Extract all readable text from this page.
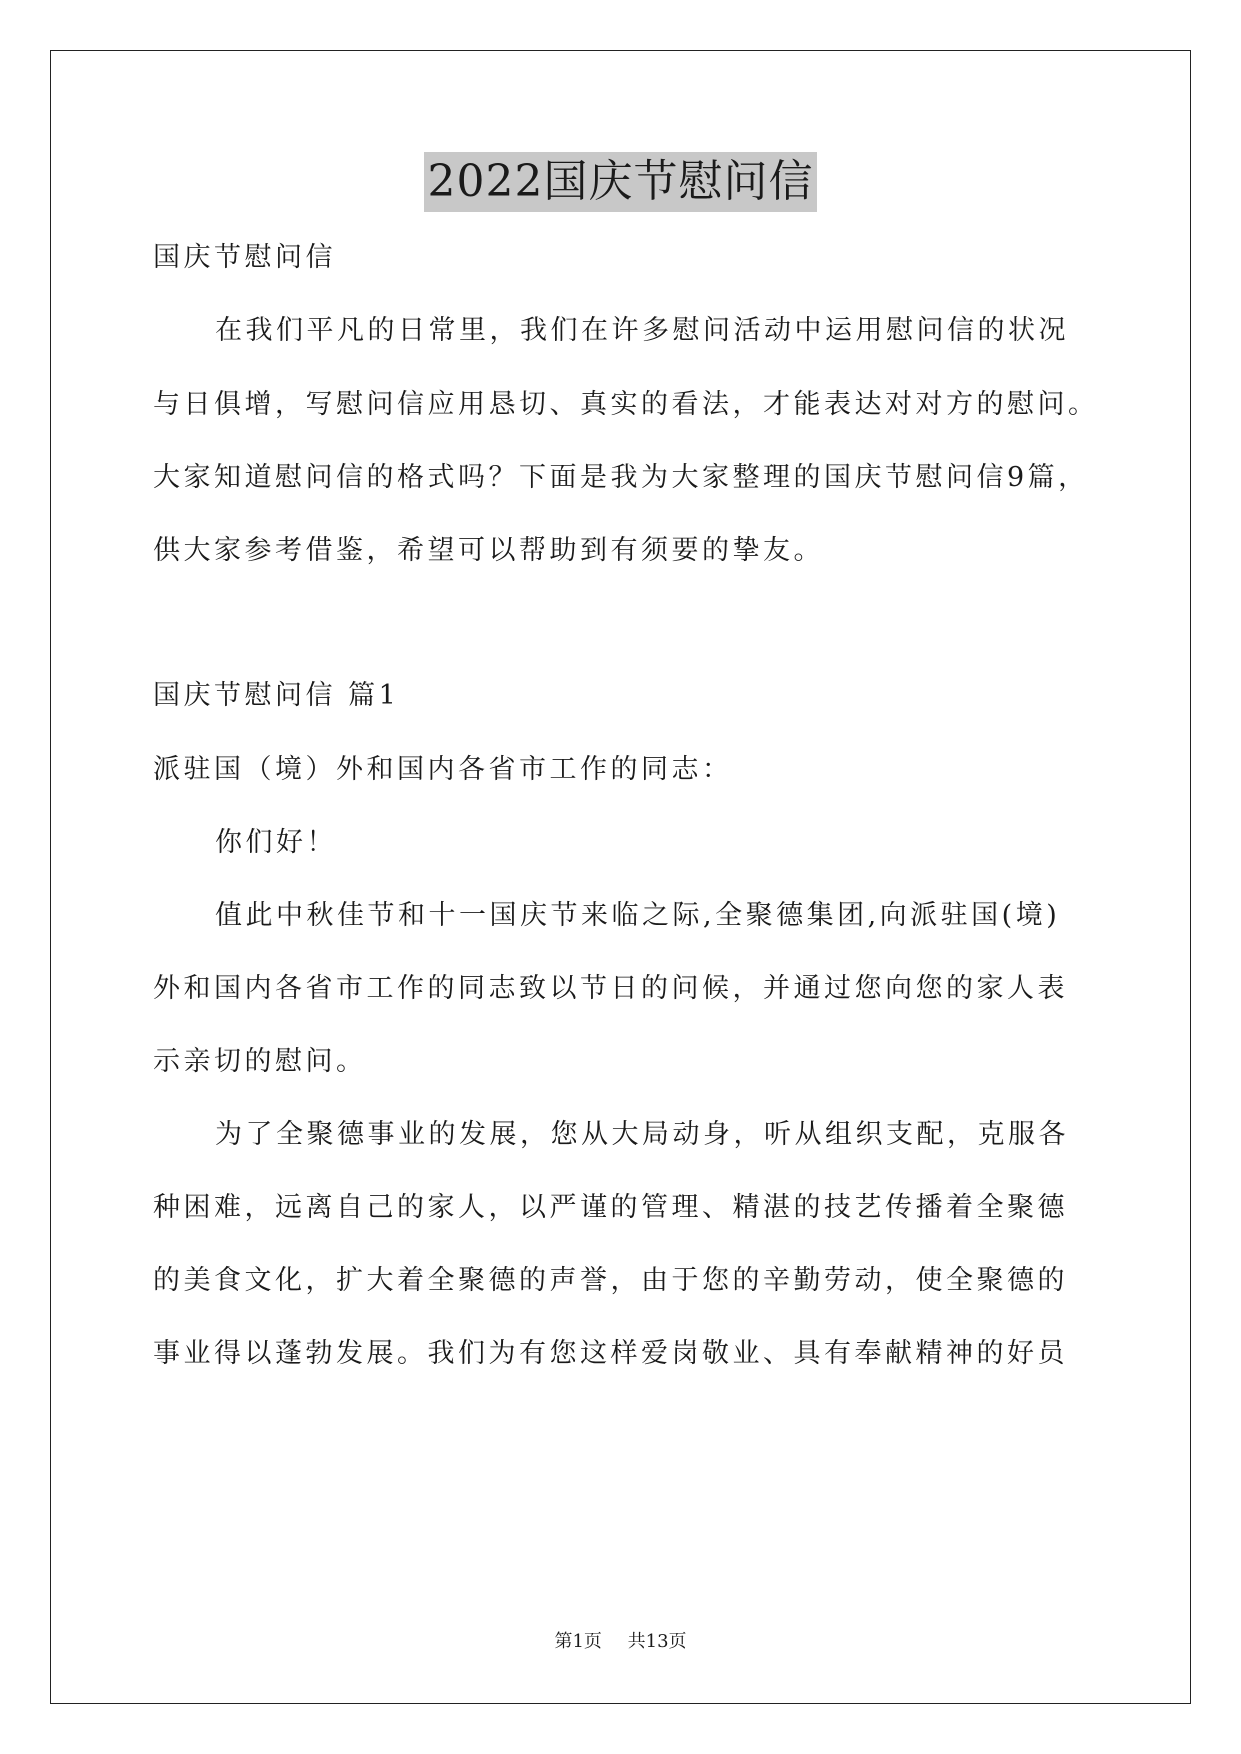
2022国庆节慰问信
国庆节慰问信
在我们平凡的日常里，我们在许多慰问活动中运用慰问信的状况
与日俱增，写慰问信应用恳切、真实的看法，才能表达对对方的慰问。
大家知道慰问信的格式吗？下面是我为大家整理的国庆节慰问信9篇，
供大家参考借鉴，希望可以帮助到有须要的挚友。
国庆节慰问信 篇1
派驻国（境）外和国内各省市工作的同志：
你们好！
值此中秋佳节和十一国庆节来临之际,全聚德集团,向派驻国(境)
外和国内各省市工作的同志致以节日的问候，并通过您向您的家人表
示亲切的慰问。
为了全聚德事业的发展，您从大局动身，听从组织支配，克服各
种困难，远离自己的家人，以严谨的管理、精湛的技艺传播着全聚德
的美食文化，扩大着全聚德的声誉，由于您的辛勤劳动，使全聚德的
事业得以蓬勃发展。我们为有您这样爱岗敬业、具有奉献精神的好员
第1页 共13页
